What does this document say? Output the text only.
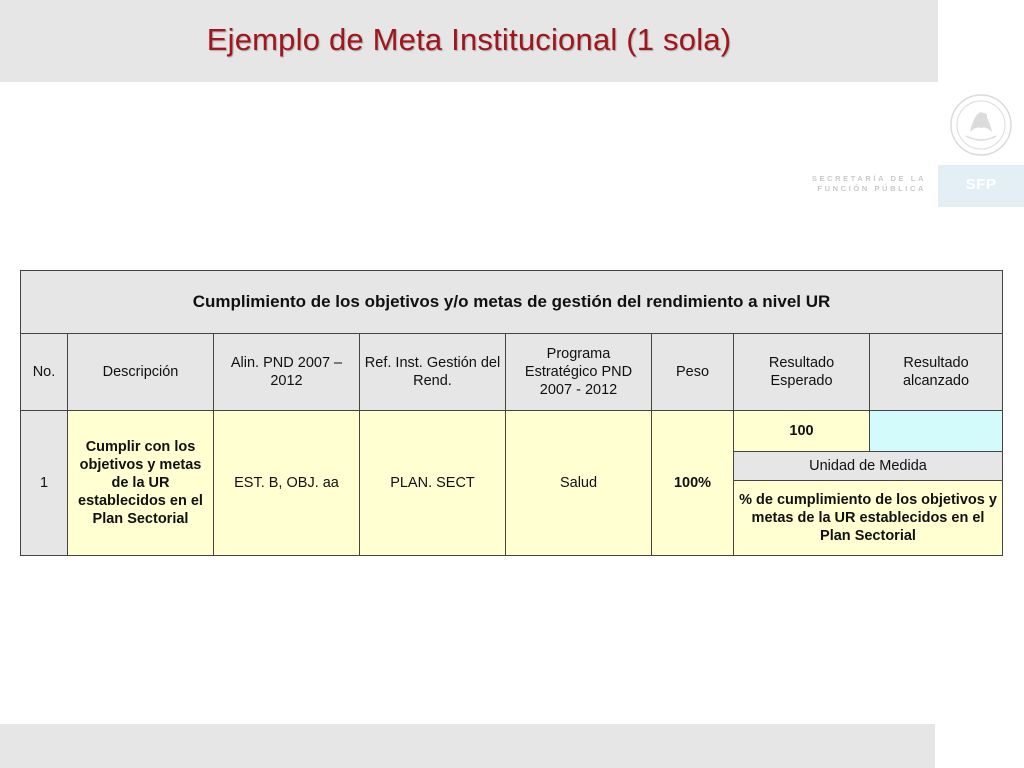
Ejemplo de Meta Institucional (1 sola)
SECRETARÍA DE LA
FUNCIÓN PÚBLICA	SFP
Cumplimiento de los objetivos y/o metas de gestión del rendimiento a nivel UR							
No.	Descripción	Alin. PND 2007 – 2012	Ref. Inst. Gestión del Rend.	Programa Estratégico PND 2007 - 2012	Peso	Resultado Esperado	Resultado alcanzado
1	Cumplir con los objetivos y metas de la UR establecidos en el Plan Sectorial	EST. B, OBJ. aa	PLAN. SECT	Salud	100%	100	
						Unidad de Medida	
						% de cumplimiento de los objetivos y metas de la UR establecidos en el Plan Sectorial	
